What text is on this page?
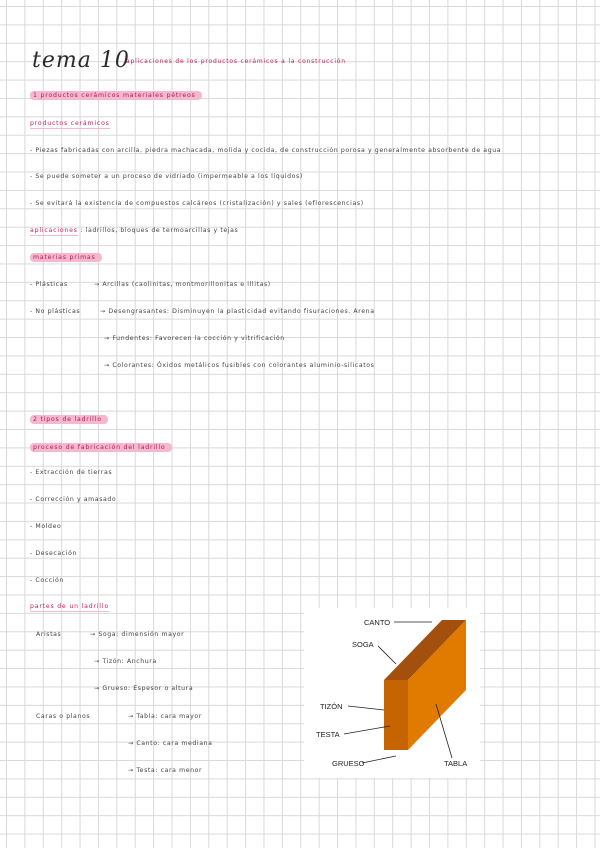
tema 10
aplicaciones de los productos cerámicos a la construcción
1 productos cerámicos materiales pétreos
productos cerámicos
- Piezas fabricadas con arcilla, piedra machacada, molida y cocida, de construcción porosa y generalmente absorbente de agua
- Se puede someter a un proceso de vidriado (impermeable a los líquidos)
- Se evitará la existencia de compuestos calcáreos (cristalización) y sales (eflorescencias)
aplicaciones : ladrillos, bloques de termoarcillas y tejas
materias primas
- Plásticas	→ Arcillas (caolinitas, montmorillonitas e illitas)
- No plásticas	→ Desengrasantes: Disminuyen la plasticidad evitando fisuraciones. Arena
→ Fundentes: Favorecen la cocción y vitrificación
→ Colorantes: Óxidos metálicos fusibles con colorantes aluminio-silicatos
2 tipos de ladrillo
proceso de fabricación del ladrillo
- Extracción de tierras
- Corrección y amasado
- Moldeo
- Desecación
- Cocción
partes de un ladrillo
Aristas	→ Soga: dimensión mayor
→ Tizón: Anchura
→ Grueso: Espesor o altura
Caras o planos	→ Tabla: cara mayor
→ Canto: cara mediana
→ Testa: cara menor
CANTO
SOGA
TIZÓN
TESTA
GRUESO	TABLA
